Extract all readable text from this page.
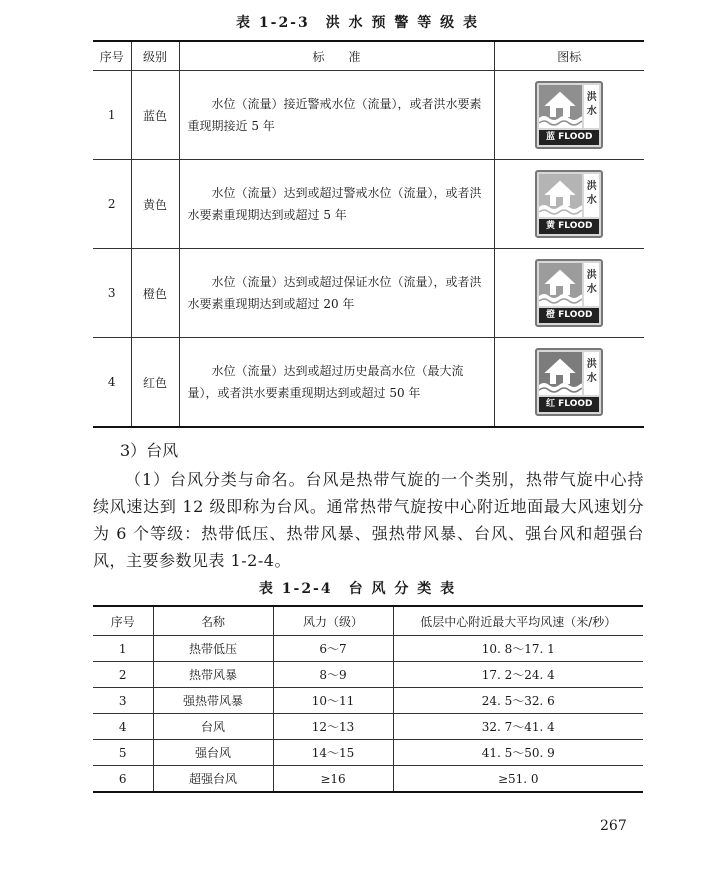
表 1-2-3　洪 水 预 警 等 级 表
序号	级别	标　　准	图标
1	蓝色	水位（流量）接近警戒水位（流量），或者洪水要素重现期接近 5 年	洪水
蓝 FLOOD

2	黄色	水位（流量）达到或超过警戒水位（流量），或者洪水要素重现期达到或超过 5 年	洪水
黄 FLOOD

3	橙色	水位（流量）达到或超过保证水位（流量），或者洪水要素重现期达到或超过 20 年	洪水
橙 FLOOD

4	红色	水位（流量）达到或超过历史最高水位（最大流量），或者洪水要素重现期达到或超过 50 年	洪水
红 FLOOD
3）台风

（1）台风分类与命名。台风是热带气旋的一个类别，热带气旋中心持续风速达到 12 级即称为台风。通常热带气旋按中心附近地面最大风速划分为 6 个等级：热带低压、热带风暴、强热带风暴、台风、强台风和超强台风，主要参数见表 1-2-4。

表 1-2-4　台 风 分 类 表
序号	名称	风力（级）	低层中心附近最大平均风速（米/秒）
1	热带低压	6～7	10. 8～17. 1
2	热带风暴	8～9	17. 2～24. 4
3	强热带风暴	10～11	24. 5～32. 6
4	台风	12～13	32. 7～41. 4
5	强台风	14～15	41. 5～50. 9
6	超强台风	≥16	≥51. 0
267
